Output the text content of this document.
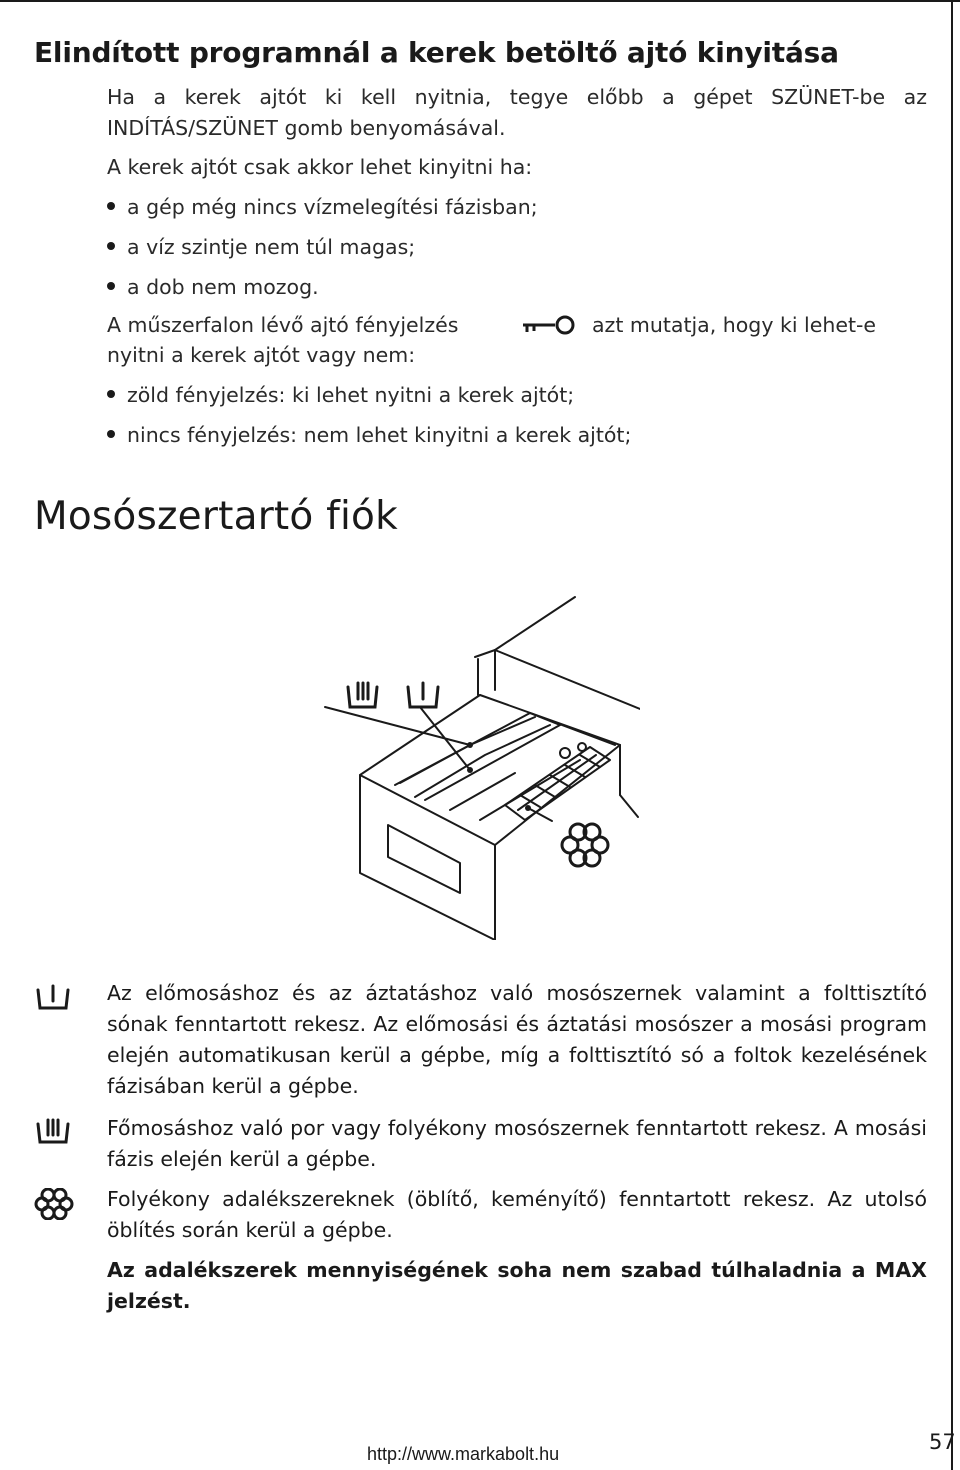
Elindított programnál a kerek betöltő ajtó kinyitása

Ha a kerek ajtót ki kell nyitnia, tegye előbb a gépet SZÜNET-be az INDÍTÁS/SZÜNET gomb benyomásával.

A kerek ajtót csak akkor lehet kinyitni ha:

a gép még nincs vízmelegítési fázisban;

a víz szintje nem túl magas;

a dob nem mozog.

A műszerfalon lévő ajtó fényjelzés	azt mutatja, hogy ki lehet-e

nyitni a kerek ajtót vagy nem:

zöld fényjelzés: ki lehet nyitni a kerek ajtót;

nincs fényjelzés: nem lehet kinyitni a kerek ajtót;

Mosószertartó fiók

Az előmosáshoz és az áztatáshoz való mosószernek valamint a folttisztító sónak fenntartott rekesz. Az előmosási és áztatási mosószer a mosási program elején automatikusan kerül a gépbe, míg a folttisztító só a foltok kezelésének fázisában kerül a gépbe.

Főmosáshoz való por vagy folyékony mosószernek fenntartott rekesz. A mosási fázis elején kerül a gépbe.

Folyékony adalékszereknek (öblítő, keményítő) fenntartott rekesz. Az utolsó öblítés során kerül a gépbe.

Az adalékszerek mennyiségének soha nem szabad túlhaladnia a MAX jelzést.

http://www.markabolt.hu	57
